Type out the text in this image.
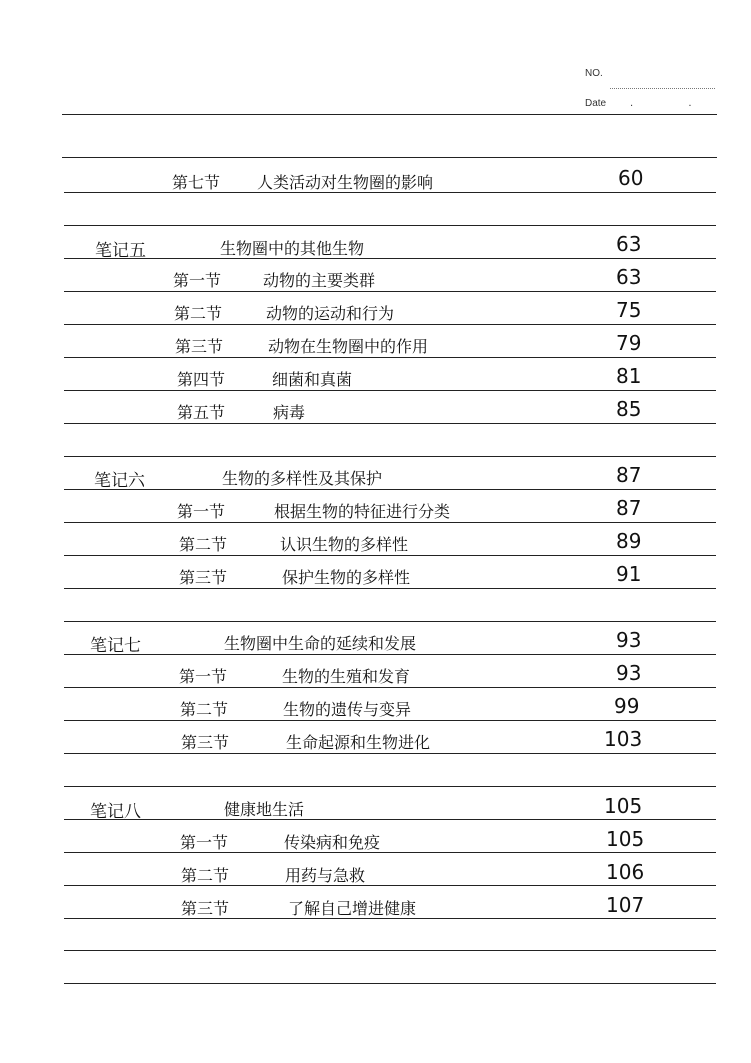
NO.
Date . .
第七节 人类活动对生物圈的影响	60
笔记五	生物圈中的其他生物	63
第一节	动物的主要类群	63
第二节	动物的运动和行为	75
第三节	动物在生物圈中的作用	79
第四节	细菌和真菌	81
第五节	病毒	85
笔记六	生物的多样性及其保护	87
第一节	根据生物的特征进行分类	87
第二节	认识生物的多样性	89
第三节	保护生物的多样性	91
笔记七	生物圈中生命的延续和发展	93
第一节	生物的生殖和发育	93
第二节	生物的遗传与变异	99
第三节	生命起源和生物进化	103
笔记八	健康地生活	105
第一节	传染病和免疫	105
第二节	用药与急救	106
第三节	了解自己增进健康	107
